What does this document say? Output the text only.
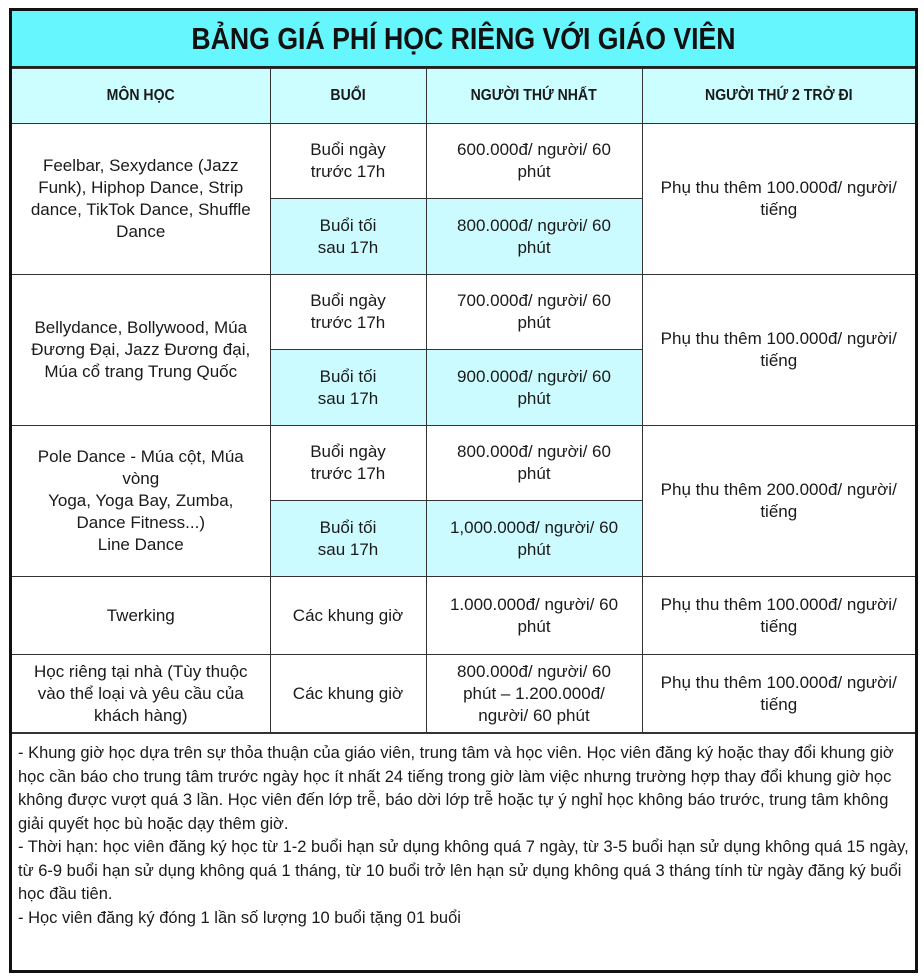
BẢNG GIÁ PHÍ HỌC RIÊNG VỚI GIÁO VIÊN
MÔN HỌC	BUỔI	NGƯỜI THỨ NHẤT	NGƯỜI THỨ 2 TRỞ ĐI
Feelbar, Sexydance (Jazz Funk), Hiphop Dance, Strip dance, TikTok Dance, Shuffle Dance	Buổi ngày trước 17h	600.000đ/ người/ 60 phút	Phụ thu thêm 100.000đ/ người/ tiếng
	Buổi tối sau 17h	800.000đ/ người/ 60 phút	
Bellydance, Bollywood, Múa Đương Đại, Jazz Đương đại, Múa cổ trang Trung Quốc	Buổi ngày trước 17h	700.000đ/ người/ 60 phút	Phụ thu thêm 100.000đ/ người/ tiếng
	Buổi tối sau 17h	900.000đ/ người/ 60 phút	

Pole Dance - Múa cột, Múa vòng
Yoga, Yoga Bay, Zumba, Dance Fitness...)
Line Dance	Buổi ngày trước 17h	800.000đ/ người/ 60 phút	Phụ thu thêm 200.000đ/ người/ tiếng
	Buổi tối sau 17h	1,000.000đ/ người/ 60 phút	
Twerking	Các khung giờ	1.000.000đ/ người/ 60 phút	Phụ thu thêm 100.000đ/ người/ tiếng
Học riêng tại nhà (Tùy thuộc vào thể loại và yêu cầu của khách hàng)	Các khung giờ	800.000đ/ người/ 60 phút – 1.200.000đ/ người/ 60 phút	Phụ thu thêm 100.000đ/ người/ tiếng

- Khung giờ học dựa trên sự thỏa thuận của giáo viên, trung tâm và học viên. Học viên đăng ký hoặc thay đổi khung giờ học cần báo cho trung tâm trước ngày học ít nhất 24 tiếng trong giờ làm việc nhưng trường hợp thay đổi khung giờ học không được vượt quá 3 lần. Học viên đến lớp trễ, báo dời lớp trễ hoặc tự ý nghỉ học không báo trước, trung tâm không giải quyết học bù hoặc dạy thêm giờ.

- Thời hạn: học viên đăng ký học từ 1-2 buổi hạn sử dụng không quá 7 ngày, từ 3-5 buổi hạn sử dụng không quá 15 ngày, từ 6-9 buổi hạn sử dụng không quá 1 tháng, từ 10 buổi trở lên hạn sử dụng không quá 3 tháng tính từ ngày đăng ký buổi học đầu tiên.

- Học viên đăng ký đóng 1 lần số lượng 10 buổi tặng 01 buổi
